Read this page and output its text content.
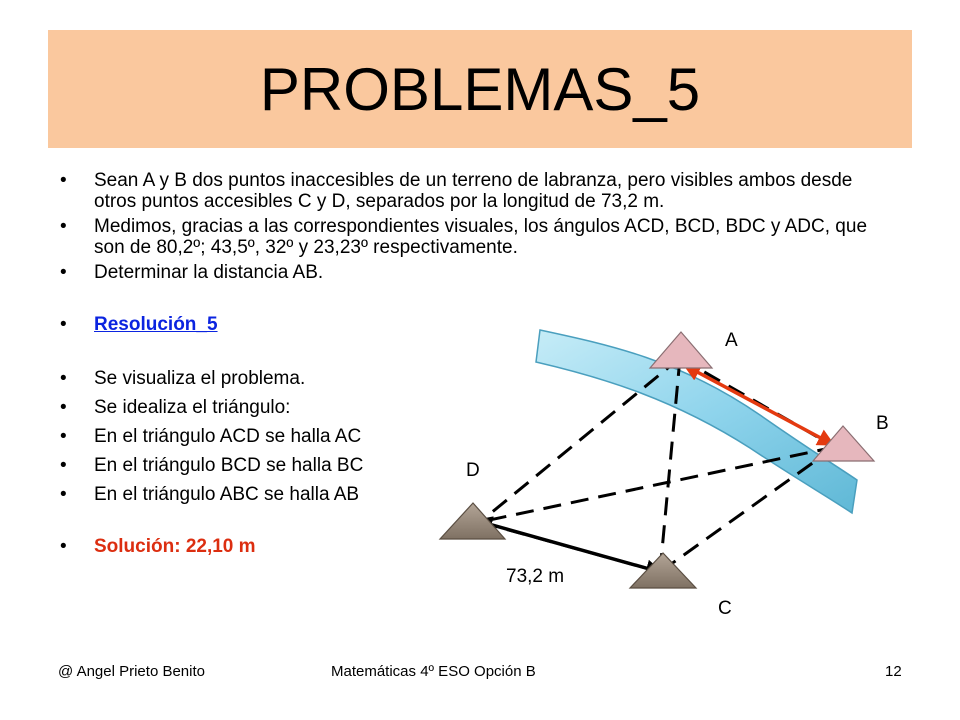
PROBLEMAS_5
• Sean A y B dos puntos inaccesibles de un terreno de labranza, pero visibles ambos desde otros puntos accesibles C y D, separados por la longitud de 73,2 m.
• Medimos, gracias a las correspondientes visuales, los ángulos ACD, BCD, BDC y ADC, que son de 80,2º; 43,5º, 32º y 23,23º respectivamente.
• Determinar la distancia AB.
• Resolución_5
• Se visualiza el problema.
• Se idealiza el triángulo:
• En el triángulo ACD se halla AC
• En el triángulo BCD se halla BC
• En el triángulo ABC se halla AB
• Solución: 22,10 m
A
B
D
C
73,2 m
@ Angel Prieto Benito	Matemáticas 4º ESO Opción B	12
